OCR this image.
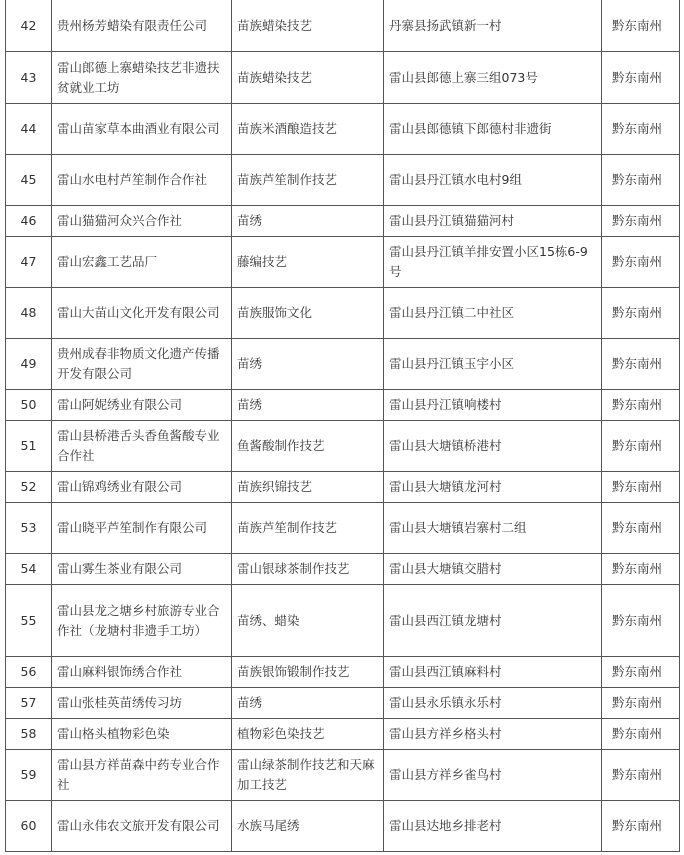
42	贵州杨芳蜡染有限责任公司	苗族蜡染技艺	丹寨县扬武镇新一村	黔东南州
43	雷山郎德上寨蜡染技艺非遗扶贫就业工坊	苗族蜡染技艺	雷山县郎德上寨三组073号	黔东南州
44	雷山苗家草本曲酒业有限公司	苗族米酒酿造技艺	雷山县郎德镇下郎德村非遗街	黔东南州
45	雷山水电村芦笙制作合作社	苗族芦笙制作技艺	雷山县丹江镇水电村9组	黔东南州
46	雷山猫猫河众兴合作社	苗绣	雷山县丹江镇猫猫河村	黔东南州
47	雷山宏鑫工艺品厂	藤编技艺	雷山县丹江镇羊排安置小区15栋6-9号	黔东南州
48	雷山大苗山文化开发有限公司	苗族服饰文化	雷山县丹江镇二中社区	黔东南州
49	贵州成春非物质文化遗产传播开发有限公司	苗绣	雷山县丹江镇玉宇小区	黔东南州
50	雷山阿妮绣业有限公司	苗绣	雷山县丹江镇响楼村	黔东南州
51	雷山县桥港舌头香鱼酱酸专业合作社	鱼酱酸制作技艺	雷山县大塘镇桥港村	黔东南州
52	雷山锦鸡绣业有限公司	苗族织锦技艺	雷山县大塘镇龙河村	黔东南州
53	雷山晓平芦笙制作有限公司	苗族芦笙制作技艺	雷山县大塘镇岩寨村二组	黔东南州
54	雷山雾生茶业有限公司	雷山银球茶制作技艺	雷山县大塘镇交腊村	黔东南州
55	雷山县龙之塘乡村旅游专业合作社（龙塘村非遗手工坊）	苗绣、蜡染	雷山县西江镇龙塘村	黔东南州
56	雷山麻料银饰绣合作社	苗族银饰锻制作技艺	雷山县西江镇麻料村	黔东南州
57	雷山张桂英苗绣传习坊	苗绣	雷山县永乐镇永乐村	黔东南州
58	雷山格头植物彩色染	植物彩色染技艺	雷山县方祥乡格头村	黔东南州
59	雷山县方祥苗森中药专业合作社	雷山绿茶制作技艺和天麻加工技艺	雷山县方祥乡雀鸟村	黔东南州
60	雷山永伟农文旅开发有限公司	水族马尾绣	雷山县达地乡排老村	黔东南州
